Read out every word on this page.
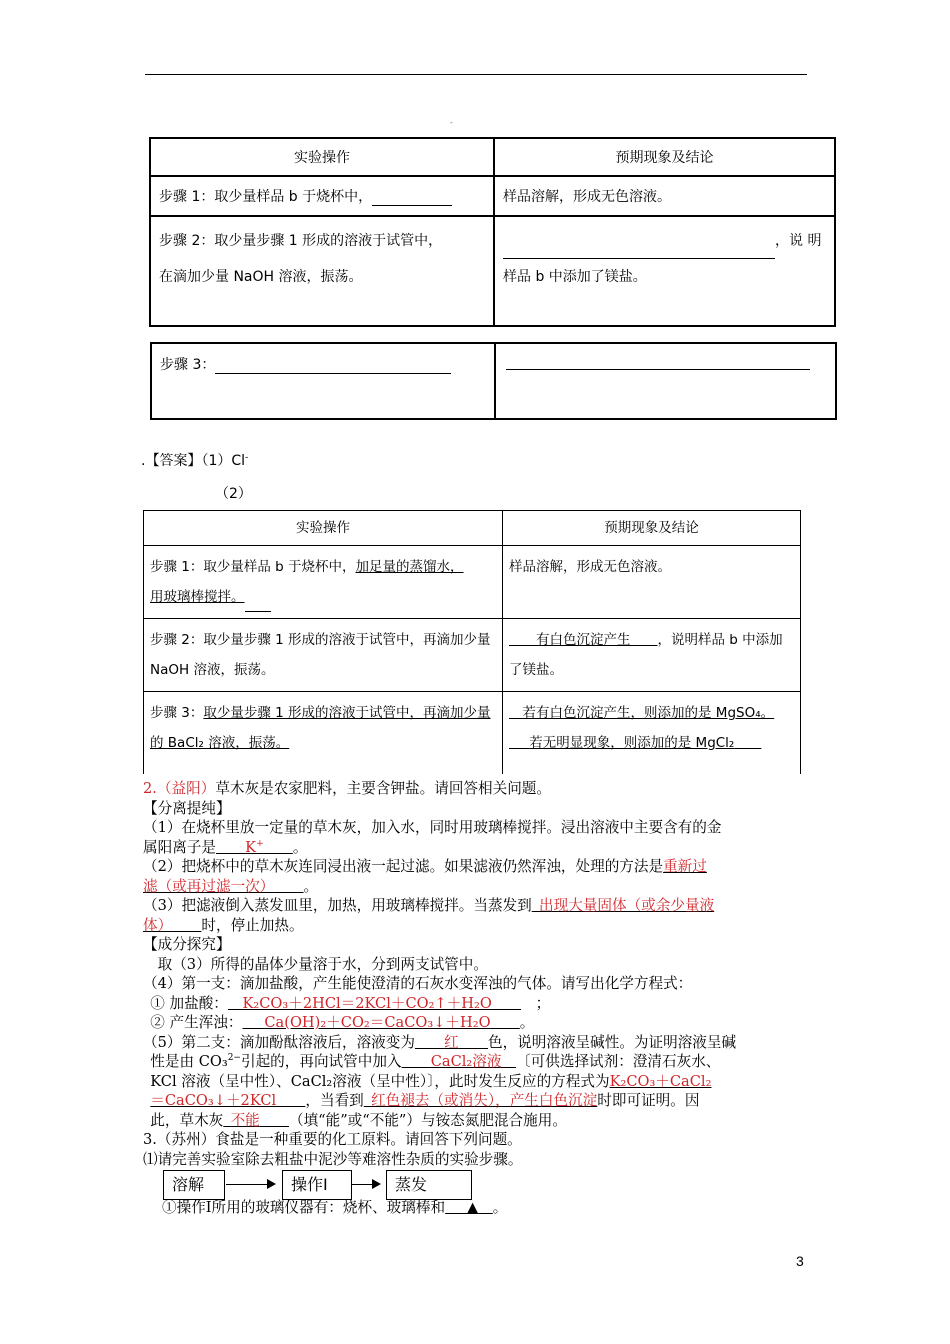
-
实验操作	预期现象及结论
步骤 1：取少量样品 b 于烧杯中，	样品溶解，形成无色溶液。
步骤 2：取少量步骤 1 形成的溶液于试管中，
在滴加少量 NaOH 溶液，振荡。	，说 明
样品 b 中添加了镁盐。
步骤 3：	
.【答案】（1）Cl-
（2）
实验操作	预期现象及结论
步骤 1：取少量样品 b 于烧杯中，加足量的蒸馏水，
用玻璃棒搅拌。	样品溶解，形成无色溶液。
步骤 2：取少量步骤 1 形成的溶液于试管中，再滴加少量 NaOH 溶液，振荡。	  有白色沉淀产生   ，说明样品 b 中添加了镁盐。
步骤 3：取少量步骤 1 形成的溶液于试管中，再滴加少量的 BaCl₂ 溶液，振荡。	  若有白色沉淀产生，则添加的是 MgSO₄。
   若无明显现象，则添加的是 MgCl₂  

2.（益阳）草木灰是农家肥料，主要含钾盐。请回答相关问题。

【分离提纯】

（1）在烧杯里放一定量的草木灰，加入水，同时用玻璃棒搅拌。浸出溶液中主要含有的金

属阳离子是   K+   。

（2）把烧杯中的草木灰连同浸出液一起过滤。如果滤液仍然浑浊，处理的方法是重新过

滤（或再过滤一次）   。

（3）把滤液倒入蒸发皿里，加热，用玻璃棒搅拌。当蒸发到  出现大量固体（或余少量液

体）   时，停止加热。

【成分探究】

 取（3）所得的晶体少量溶于水，分到两支试管中。

（4）第一支：滴加盐酸，产生能使澄清的石灰水变浑浊的气体。请写出化学方程式：

 ① 加盐酸：  K₂CO₃＋2HCl＝2KCl＋CO₂↑＋H₂O   ；

 ② 产生浑浊：   Ca(OH)₂＋CO₂＝CaCO₃↓＋H₂O   。

（5）第二支：滴加酚酞溶液后，溶液变为   红   色，说明溶液呈碱性。为证明溶液呈碱

 性是由 CO₃$^{2-}$引起的，再向试管中加入   CaCl₂溶液  〔可供选择试剂：澄清石灰水、

 KCl 溶液（呈中性）、CaCl₂溶液（呈中性）〕，此时发生反应的方程式为K₂CO₃＋CaCl₂

 ＝CaCO₃↓＋2KCl   ，当看到  红色褪去（或消失），产生白色沉淀时即可证明。因

 此，草木灰  不能   （填“能”或“不能”）与铵态氮肥混合施用。

3.（苏州）食盐是一种重要的化工原料。请回答下列问题。

⑴请完善实验室除去粗盐中泥沙等难溶性杂质的实验步骤。

溶解	操作Ⅰ	蒸发
①操作Ⅰ所用的玻璃仪器有：烧杯、玻璃棒和    ▲   。
3
